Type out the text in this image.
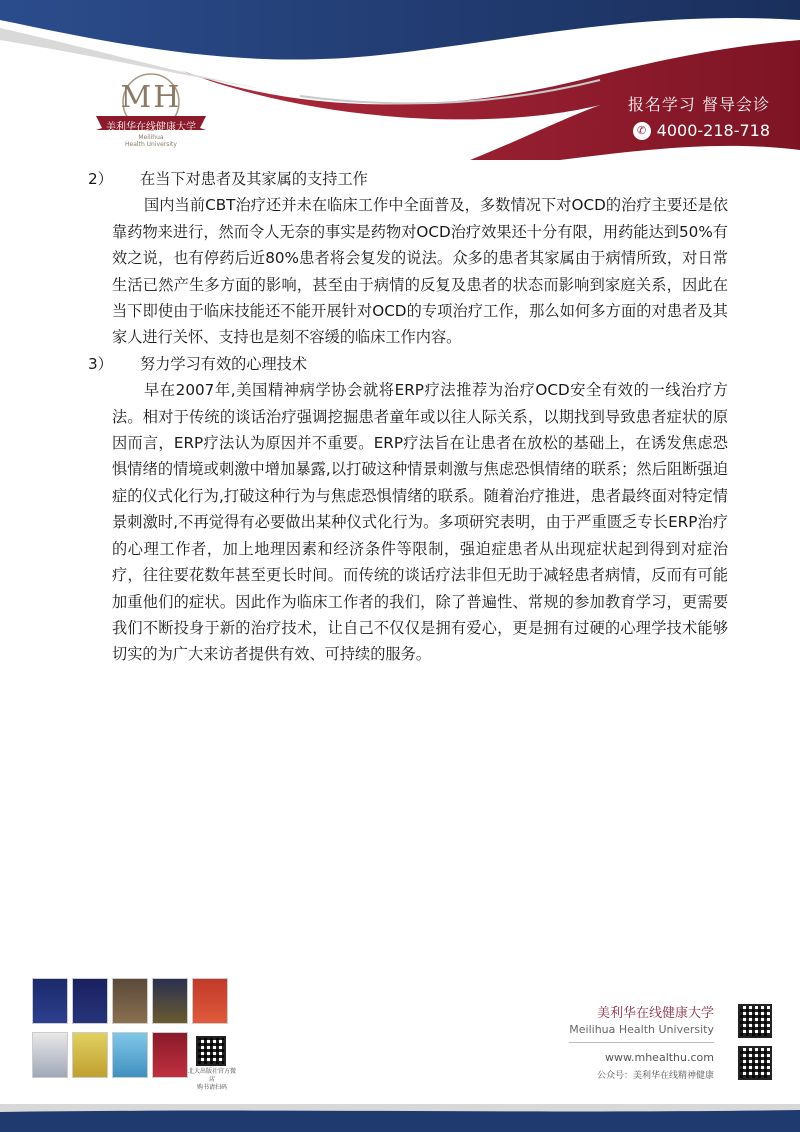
MH
美利华在线健康大学
Meilihua
Health University
报名学习 督导会诊
✆ 4000-218-718
2）	在当下对患者及其家属的支持工作

国内当前CBT治疗还并未在临床工作中全面普及，多数情况下对OCD的治疗主要还是依靠药物来进行，然而令人无奈的事实是药物对OCD治疗效果还十分有限，用药能达到50%有效之说，也有停药后近80%患者将会复发的说法。众多的患者其家属由于病情所致，对日常生活已然产生多方面的影响，甚至由于病情的反复及患者的状态而影响到家庭关系，因此在当下即使由于临床技能还不能开展针对OCD的专项治疗工作，那么如何多方面的对患者及其家人进行关怀、支持也是刻不容缓的临床工作内容。

3）	努力学习有效的心理技术

早在2007年,美国精神病学协会就将ERP疗法推荐为治疗OCD安全有效的一线治疗方法。相对于传统的谈话治疗强调挖掘患者童年或以往人际关系，以期找到导致患者症状的原因而言，ERP疗法认为原因并不重要。ERP疗法旨在让患者在放松的基础上，在诱发焦虑恐惧情绪的情境或刺激中增加暴露,以打破这种情景刺激与焦虑恐惧情绪的联系；然后阻断强迫症的仪式化行为,打破这种行为与焦虑恐惧情绪的联系。随着治疗推进，患者最终面对特定情景刺激时,不再觉得有必要做出某种仪式化行为。多项研究表明，由于严重匮乏专长ERP治疗的心理工作者，加上地理因素和经济条件等限制，强迫症患者从出现症状起到得到对症治疗，往往要花数年甚至更长时间。而传统的谈话疗法非但无助于减轻患者病情，反而有可能加重他们的症状。因此作为临床工作者的我们，除了普遍性、常规的参加教育学习，更需要我们不断投身于新的治疗技术，让自己不仅仅是拥有爱心，更是拥有过硬的心理学技术能够切实的为广大来访者提供有效、可持续的服务。

北大出版社官方微店
购书请扫码
美利华在线健康大学
Meilihua Health University
www.mhealthu.com
公众号：美利华在线精神健康
